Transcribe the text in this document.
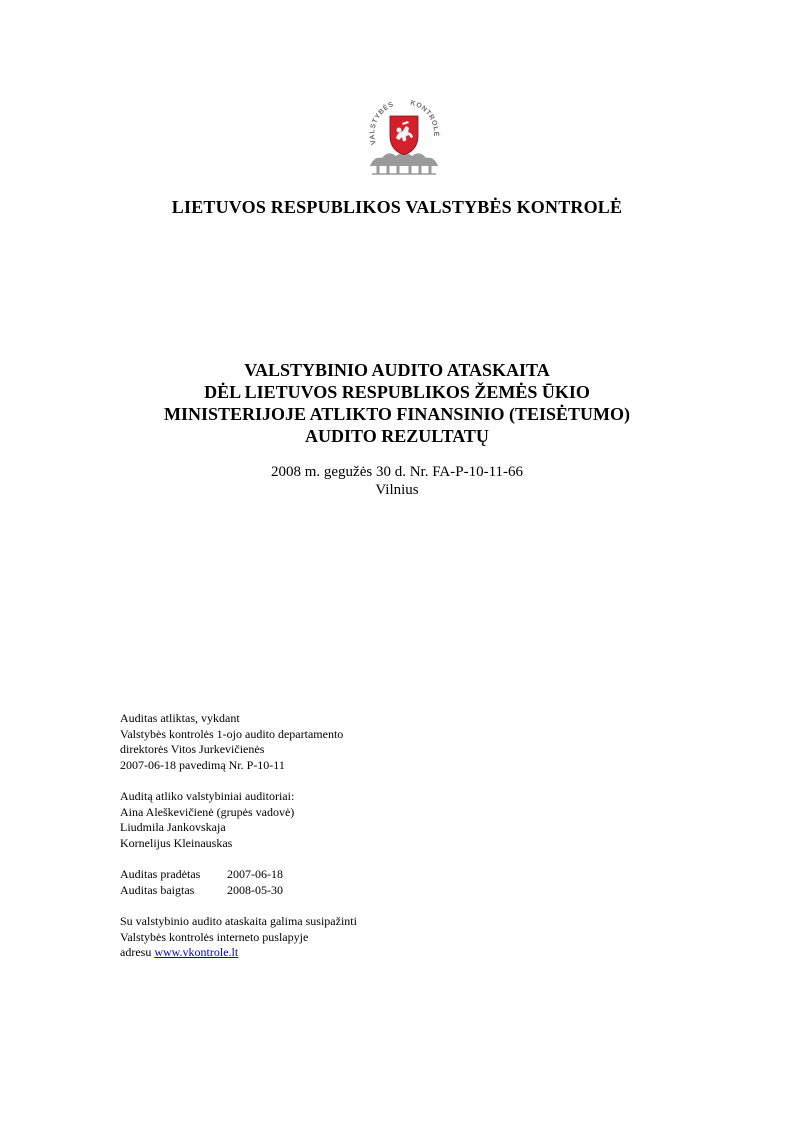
VALSTYBĖS KONTROLĖ
LIETUVOS RESPUBLIKOS VALSTYBĖS KONTROLĖ
VALSTYBINIO AUDITO ATASKAITA
DĖL LIETUVOS RESPUBLIKOS ŽEMĖS ŪKIO
MINISTERIJOJE ATLIKTO FINANSINIO (TEISĖTUMO)
AUDITO REZULTATŲ
2008 m. gegužės 30 d. Nr. FA-P-10-11-66
Vilnius
Auditas atliktas, vykdant
Valstybės kontrolės 1-ojo audito departamento
direktorės Vitos Jurkevičienės
2007-06-18 pavedimą Nr. P-10-11
Auditą atliko valstybiniai auditoriai:
Aina Aleškevičienė (grupės vadovė)
Liudmila Jankovskaja
Kornelijus Kleinauskas
Auditas pradėtas	2007-06-18
Auditas baigtas	2008-05-30
Su valstybinio audito ataskaita galima susipažinti
Valstybės kontrolės interneto puslapyje
adresu www.vkontrole.lt
